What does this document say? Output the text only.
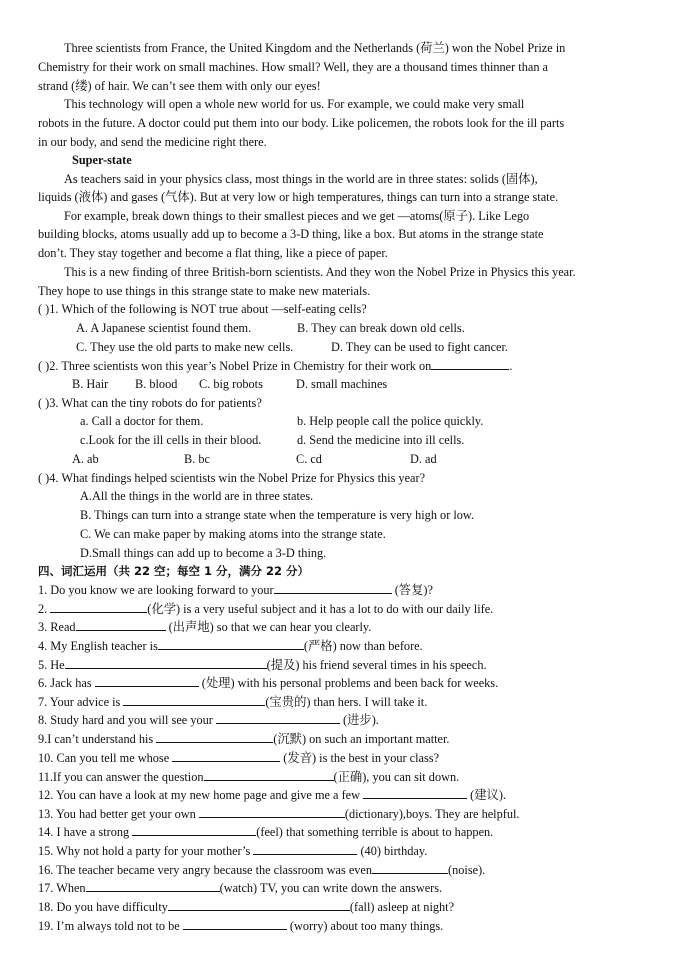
Three scientists from France, the United Kingdom and the Netherlands (荷兰) won the Nobel Prize in
Chemistry for their work on small machines. How small? Well, they are a thousand times thinner than a
strand (缕) of hair. We can’t see them with only our eyes!
This technology will open a whole new world for us. For example, we could make very small
robots in the future. A doctor could put them into our body. Like policemen, the robots look for the ill parts
in our body, and send the medicine right there.
Super-state
As teachers said in your physics class, most things in the world are in three states: solids (固体),
liquids (液体) and gases (气体). But at very low or high temperatures, things can turn into a strange state.
For example, break down things to their smallest pieces and we get —atoms(原子). Like Lego
building blocks, atoms usually add up to become a 3-D thing, like a box. But atoms in the strange state
don’t. They stay together and become a flat thing, like a piece of paper.
This is a new finding of three British-born scientists. And they won the Nobel Prize in Physics this year.
They hope to use things in this strange state to make new materials.
( )1. Which of the following is NOT true about —self-eating cells?
A. A Japanese scientist found them.	B. They can break down old cells.
C. They use the old parts to make new cells.	D. They can be used to fight cancer.
( )2. Three scientists won this year’s Nobel Prize in Chemistry for their work on	.
B. Hair B. blood C. big robots	D. small machines
( )3. What can the tiny robots do for patients?
a. Call a doctor for them.	b. Help people call the police quickly.
c.Look for the ill cells in their blood.	d. Send the medicine into ill cells.
A. ab	B. bc	C. cd	D. ad
( )4. What findings helped scientists win the Nobel Prize for Physics this year?
A.All the things in the world are in three states.
B. Things can turn into a strange state when the temperature is very high or low.
C. We can make paper by making atoms into the strange state.
D.Small things can add up to become a 3-D thing.
四、词汇运用（共 22 空；每空 1 分，满分 22 分）
1. Do you know we are looking forward to your	(答复)?
2.	(化学) is a very useful subject and it has a lot to do with our daily life.
3. Read	(出声地) so that we can hear you clearly.
4. My English teacher is	(严格) now than before.
5. He	(提及) his friend several times in his speech.
6. Jack has	(处理) with his personal problems and been back for weeks.
7. Your advice is	(宝贵的) than hers. I will take it.
8. Study hard and you will see your	(进步).
9.I can’t understand his	(沉默) on such an important matter.
10. Can you tell me whose	(发音) is the best in your class?
11.If you can answer the question	(正确), you can sit down.
12. You can have a look at my new home page and give me a few	(建议).
13. You had better get your own	(dictionary),boys. They are helpful.
14. I have a strong	(feel) that something terrible is about to happen.
15. Why not hold a party for your mother’s	(40) birthday.
16. The teacher became very angry because the classroom was even	(noise).
17. When	(watch) TV, you can write down the answers.
18. Do you have difficulty	(fall) asleep at night?
19. I’m always told not to be	(worry) about too many things.
